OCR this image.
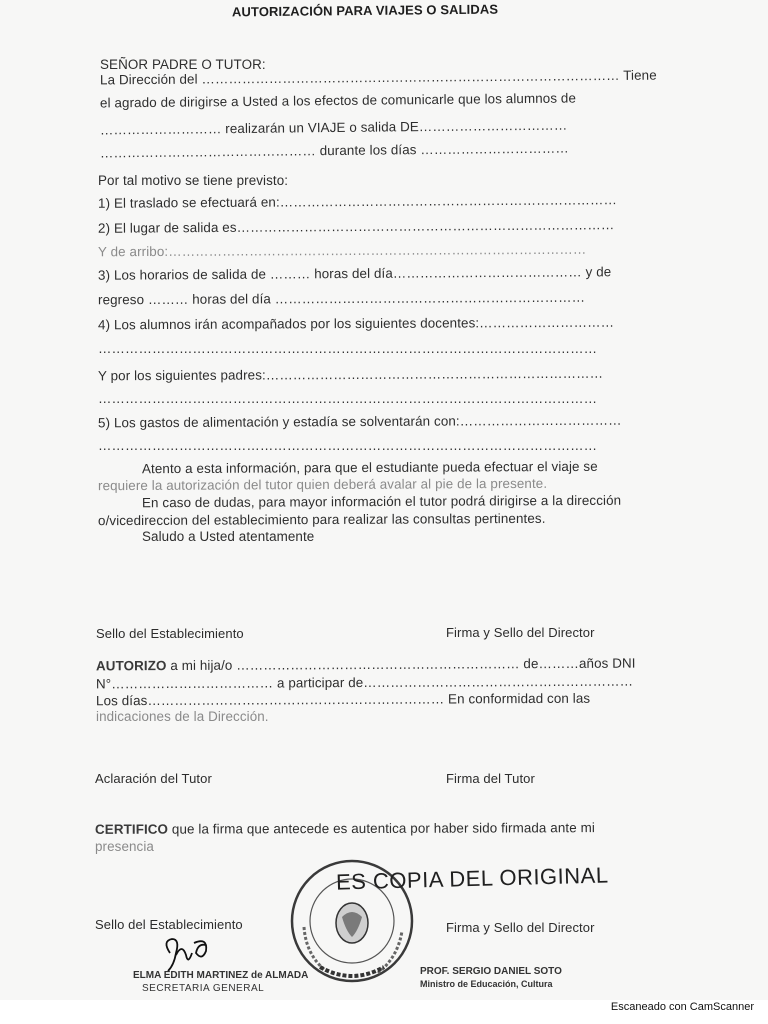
AUTORIZACIÓN PARA VIAJES O SALIDAS
SEÑOR PADRE O TUTOR:
La Dirección del ………………………………………………………………………………… Tiene
el agrado de dirigirse a Usted a los efectos de comunicarle que los alumnos de
……………………… realizarán un VIAJE o salida DE……………………………
………………………………………… durante los días ……………………………
Por tal motivo se tiene previsto:
1) El traslado se efectuará en:…………………………………………………………………
2) El lugar de salida es…………………………………………………………………………
Y de arribo:…………………………………………………………………………………
3) Los horarios de salida de ……… horas del día…………………………………… y de
regreso ……… horas del día ……………………………………………………………
4) Los alumnos irán acompañados por los siguientes docentes:…………………………
…………………………………………………………………………………………………
Y por los siguientes padres:…………………………………………………………………
…………………………………………………………………………………………………
5) Los gastos de alimentación y estadía se solventarán con:………………………………
…………………………………………………………………………………………………
Atento a esta información, para que el estudiante pueda efectuar el viaje se
requiere la autorización del tutor quien deberá avalar al pie de la presente.
En caso de dudas, para mayor información el tutor podrá dirigirse a la dirección
o/vicedireccion del establecimiento para realizar las consultas pertinentes.
Saludo a Usted atentamente
Sello del Establecimiento	Firma y Sello del Director
AUTORIZO a mi hija/o ……………………………………………………… de………años DNI
N°……………………………… a participar de……………………………………………………
Los días………………………………………………………… En conformidad con las
indicaciones de la Dirección.
Aclaración del Tutor	Firma del Tutor
CERTIFICO que la firma que antecede es autentica por haber sido firmada ante mi
presencia
ES COPIA DEL ORIGINAL
Sello del Establecimiento	Firma y Sello del Director
ELMA EDITH MARTINEZ de ALMADA
SECRETARIA GENERAL
PROF. SERGIO DANIEL SOTO
Ministro de Educación, Cultura
Escaneado con CamScanner
